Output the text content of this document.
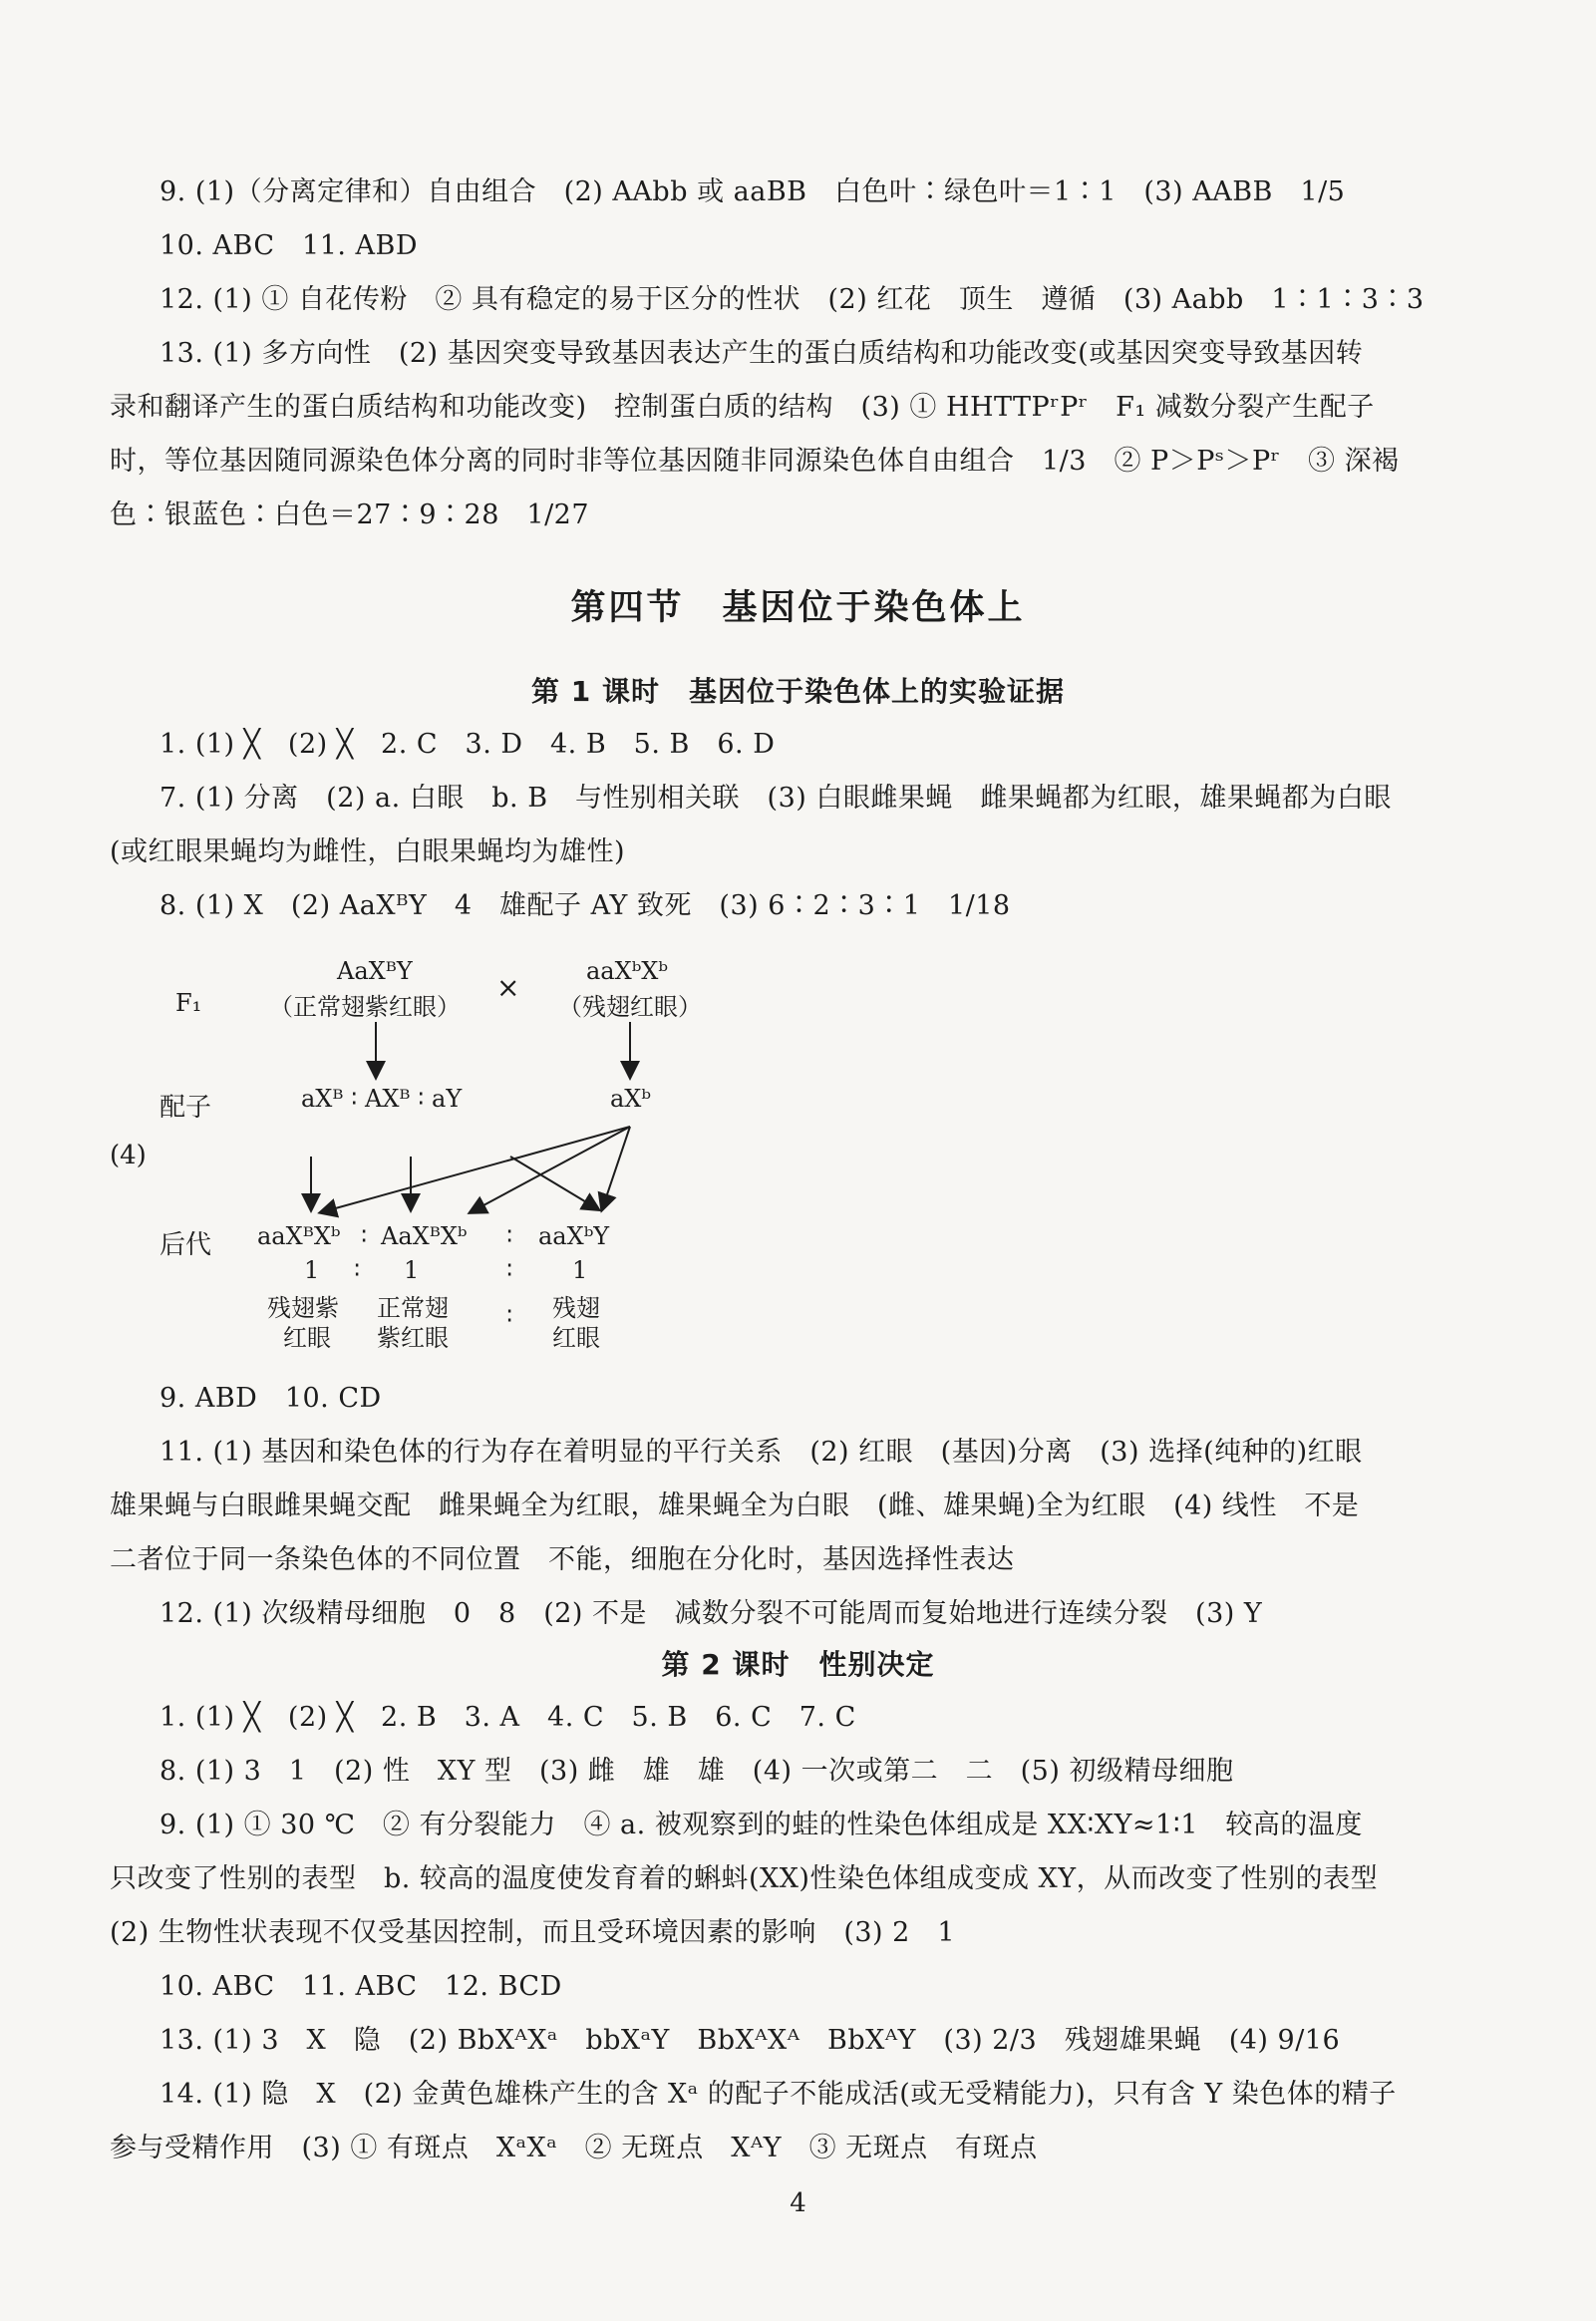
9. (1)（分离定律和）自由组合　(2) AAbb 或 aaBB　白色叶∶绿色叶＝1∶1　(3) AABB　1/5

10. ABC　11. ABD

12. (1) ① 自花传粉　② 具有稳定的易于区分的性状　(2) 红花　顶生　遵循　(3) Aabb　1∶1∶3∶3

13. (1) 多方向性　(2) 基因突变导致基因表达产生的蛋白质结构和功能改变(或基因突变导致基因转

录和翻译产生的蛋白质结构和功能改变)　控制蛋白质的结构　(3) ① HHTTPʳPʳ　F₁ 减数分裂产生配子

时，等位基因随同源染色体分离的同时非等位基因随非同源染色体自由组合　1/3　② P＞Pˢ＞Pʳ　③ 深褐

色∶银蓝色∶白色＝27∶9∶28　1/27

第四节　基因位于染色体上
第 1 课时　基因位于染色体上的实验证据

1. (1) ╳　(2) ╳　2. C　3. D　4. B　5. B　6. D

7. (1) 分离　(2) a. 白眼　b. B　与性别相关联　(3) 白眼雌果蝇　雌果蝇都为红眼，雄果蝇都为白眼

(或红眼果蝇均为雌性，白眼果蝇均为雄性)

8. (1) X　(2) AaXᴮY　4　雄配子 AY 致死　(3) 6∶2∶3∶1　1/18

AaXᴮY	×	aaXᵇXᵇ
F₁	（正常翅紫红眼）	（残翅红眼）
配子	aXᴮ ∶ AXᴮ ∶ aY	aXᵇ
(4)
后代 aaXᴮXᵇ ∶ AaXᴮXᵇ ∶ aaXᵇY
1 ∶ 1	∶ 1
残翅紫
红眼
正常翅
紫红眼
∶ 残翅
红眼

9. ABD　10. CD

11. (1) 基因和染色体的行为存在着明显的平行关系　(2) 红眼　(基因)分离　(3) 选择(纯种的)红眼

雄果蝇与白眼雌果蝇交配　雌果蝇全为红眼，雄果蝇全为白眼　(雌、雄果蝇)全为红眼　(4) 线性　不是

二者位于同一条染色体的不同位置　不能，细胞在分化时，基因选择性表达

12. (1) 次级精母细胞　0　8　(2) 不是　减数分裂不可能周而复始地进行连续分裂　(3) Y

第 2 课时　性别决定

1. (1) ╳　(2) ╳　2. B　3. A　4. C　5. B　6. C　7. C

8. (1) 3　1　(2) 性　XY 型　(3) 雌　雄　雄　(4) 一次或第二　二　(5) 初级精母细胞

9. (1) ① 30 ℃　② 有分裂能力　④ a. 被观察到的蛙的性染色体组成是 XX∶XY≈1∶1　较高的温度

只改变了性别的表型　b. 较高的温度使发育着的蝌蚪(XX)性染色体组成变成 XY，从而改变了性别的表型

(2) 生物性状表现不仅受基因控制，而且受环境因素的影响　(3) 2　1

10. ABC　11. ABC　12. BCD

13. (1) 3　X　隐　(2) BbXᴬXᵃ　bbXᵃY　BbXᴬXᴬ　BbXᴬY　(3) 2/3　残翅雄果蝇　(4) 9/16

14. (1) 隐　X　(2) 金黄色雄株产生的含 Xᵃ 的配子不能成活(或无受精能力)，只有含 Y 染色体的精子

参与受精作用　(3) ① 有斑点　XᵃXᵃ　② 无斑点　XᴬY　③ 无斑点　有斑点

4
